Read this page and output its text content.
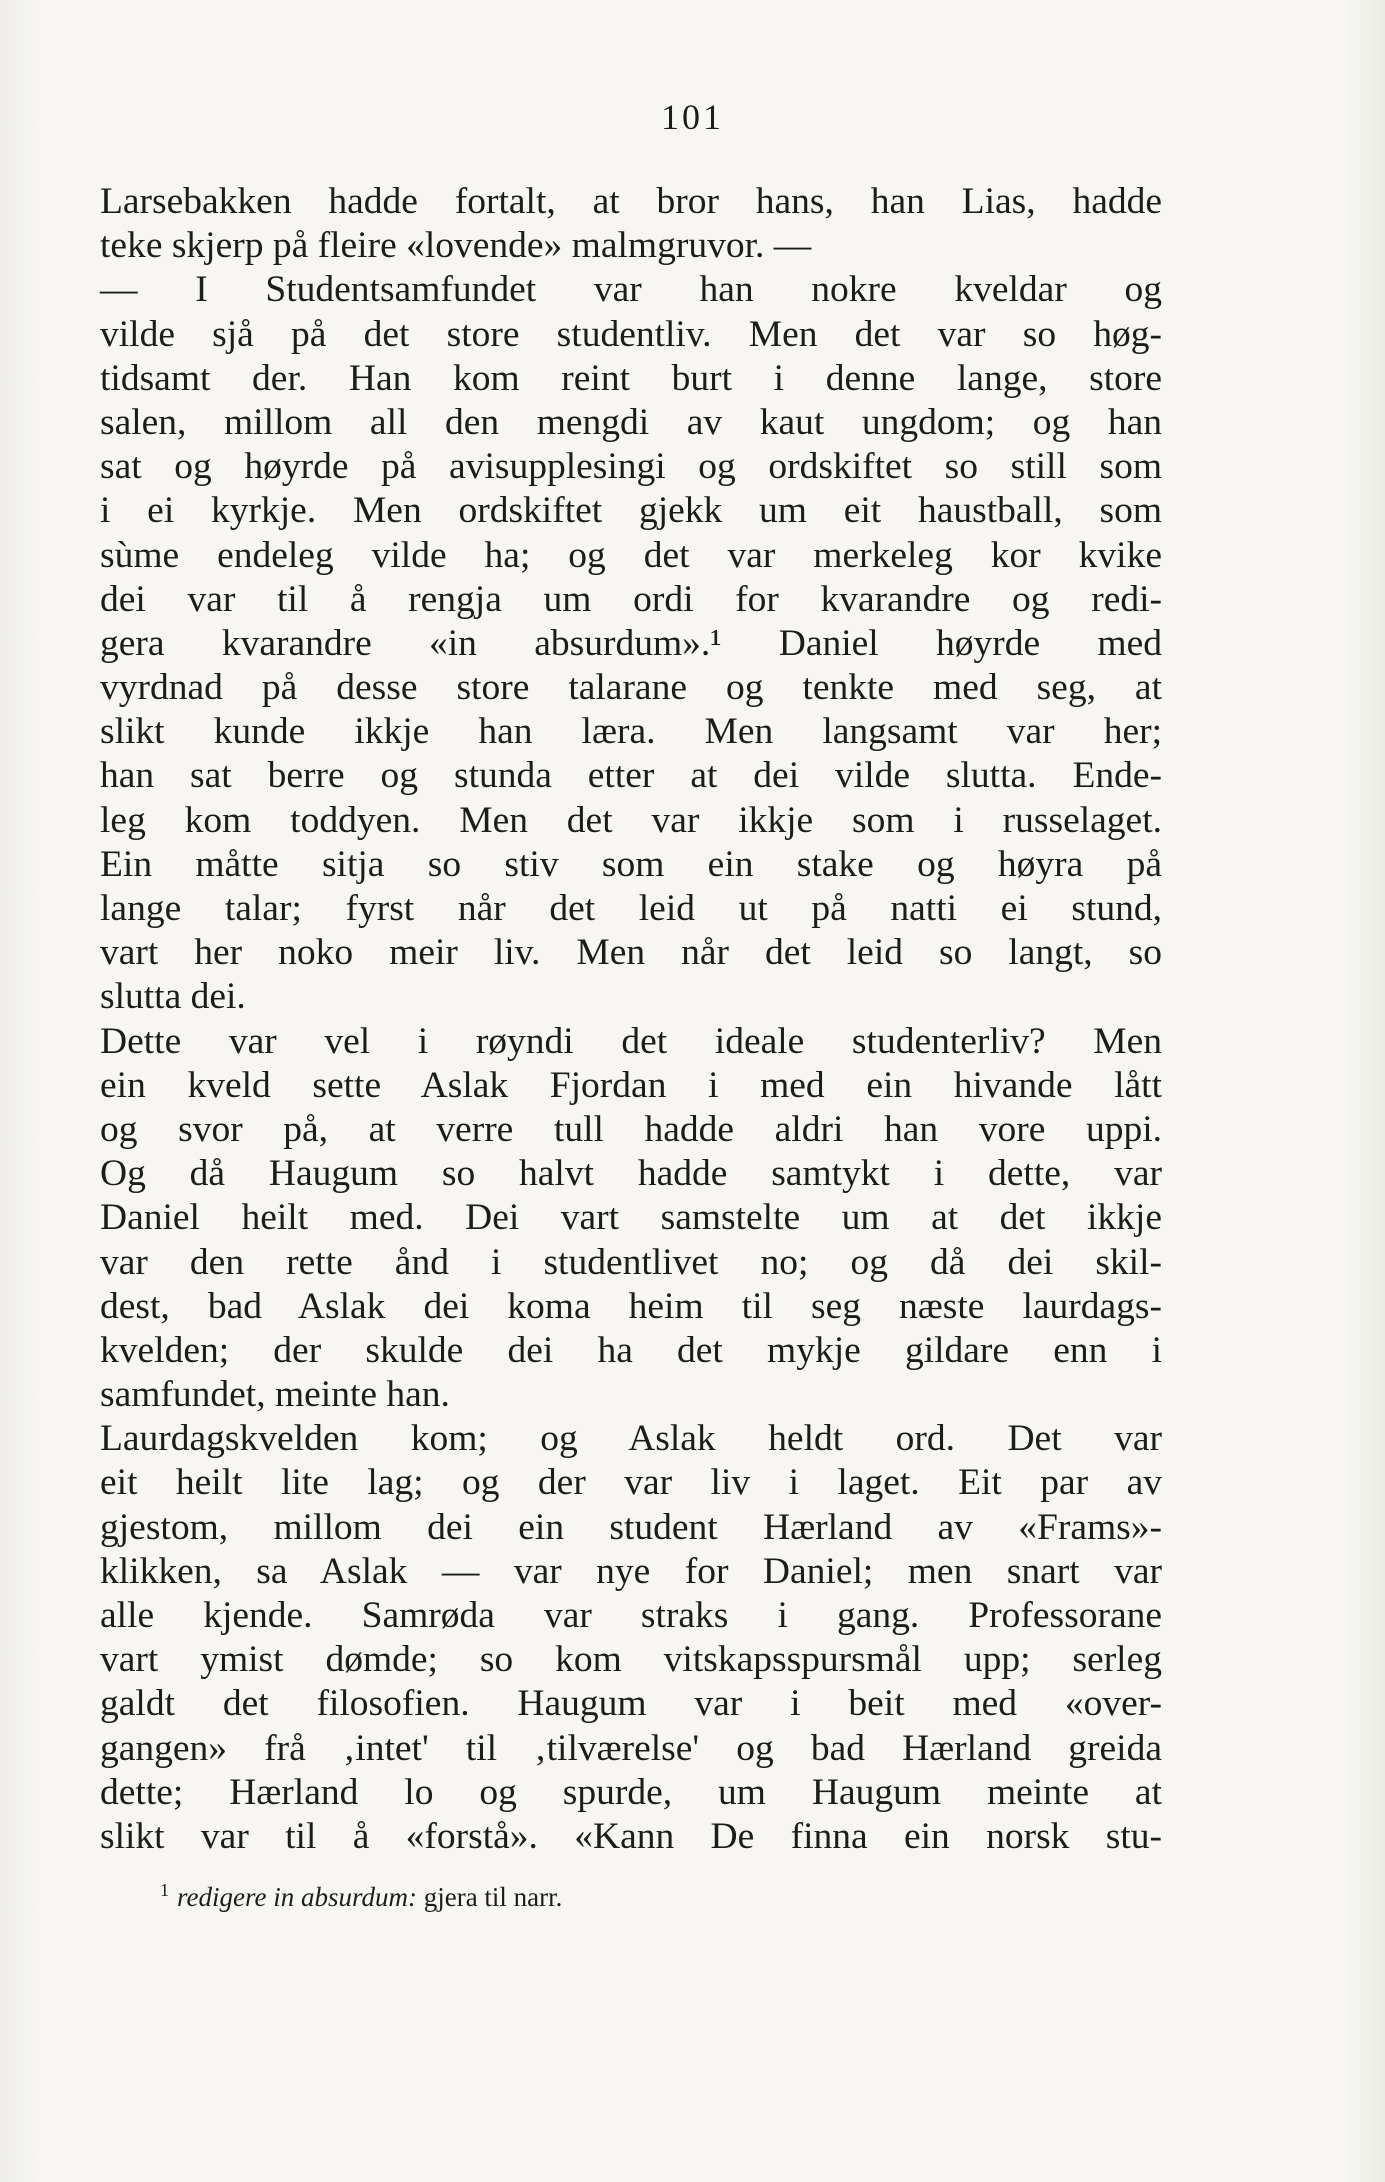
101
Larsebakken hadde fortalt, at bror hans, han Lias, hadde
teke skjerp på fleire «lovende» malmgruvor. —
— I Studentsamfundet var han nokre kveldar og
vilde sjå på det store studentliv. Men det var so høg-
tidsamt der. Han kom reint burt i denne lange, store
salen, millom all den mengdi av kaut ungdom; og han
sat og høyrde på avisupplesingi og ordskiftet so still som
i ei kyrkje. Men ordskiftet gjekk um eit haustball, som
sùme endeleg vilde ha; og det var merkeleg kor kvike
dei var til å rengja um ordi for kvarandre og redi-
gera kvarandre «in absurdum».¹ Daniel høyrde med
vyrdnad på desse store talarane og tenkte med seg, at
slikt kunde ikkje han læra. Men langsamt var her;
han sat berre og stunda etter at dei vilde slutta. Ende-
leg kom toddyen. Men det var ikkje som i russelaget.
Ein måtte sitja so stiv som ein stake og høyra på
lange talar; fyrst når det leid ut på natti ei stund,
vart her noko meir liv. Men når det leid so langt, so
slutta dei.
Dette var vel i røyndi det ideale studenterliv? Men
ein kveld sette Aslak Fjordan i med ein hivande lått
og svor på, at verre tull hadde aldri han vore uppi.
Og då Haugum so halvt hadde samtykt i dette, var
Daniel heilt med. Dei vart samstelte um at det ikkje
var den rette ånd i studentlivet no; og då dei skil-
dest, bad Aslak dei koma heim til seg næste laurdags-
kvelden; der skulde dei ha det mykje gildare enn i
samfundet, meinte han.
Laurdagskvelden kom; og Aslak heldt ord. Det var
eit heilt lite lag; og der var liv i laget. Eit par av
gjestom, millom dei ein student Hærland av «Frams»-
klikken, sa Aslak — var nye for Daniel; men snart var
alle kjende. Samrøda var straks i gang. Professorane
vart ymist dømde; so kom vitskapsspursmål upp; serleg
galdt det filosofien. Haugum var i beit med «over-
gangen» frå ‚intet' til ‚tilværelse' og bad Hærland greida
dette; Hærland lo og spurde, um Haugum meinte at
slikt var til å «forstå». «Kann De finna ein norsk stu-
$^1$ redigere in absurdum: gjera til narr.
